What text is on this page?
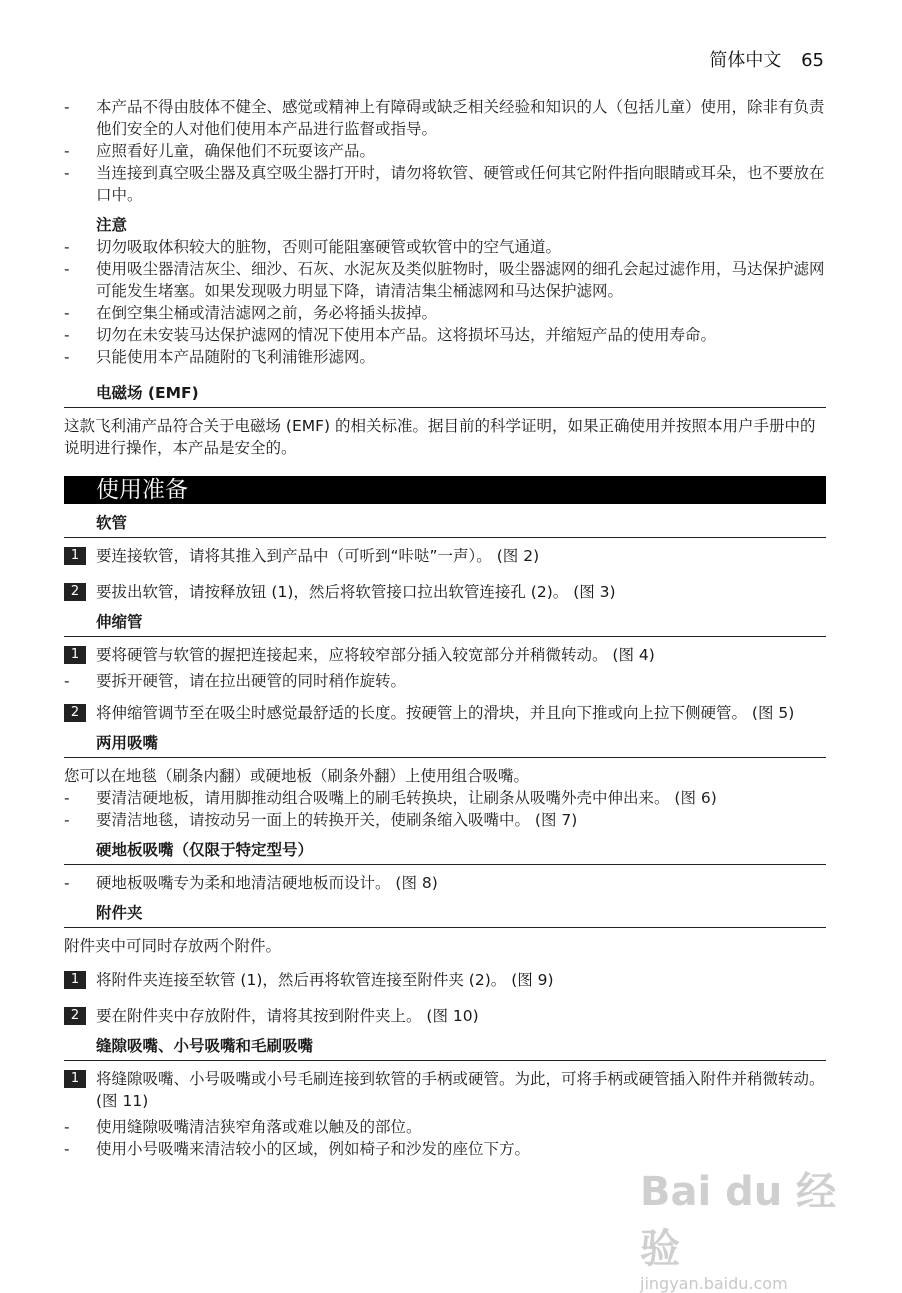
简体中文 65
- 本产品不得由肢体不健全、感觉或精神上有障碍或缺乏相关经验和知识的人（包括儿童）使用，除非有负责他们安全的人对他们使用本产品进行监督或指导。
- 应照看好儿童，确保他们不玩耍该产品。
- 当连接到真空吸尘器及真空吸尘器打开时，请勿将软管、硬管或任何其它附件指向眼睛或耳朵，也不要放在口中。
注意
- 切勿吸取体积较大的脏物，否则可能阻塞硬管或软管中的空气通道。
- 使用吸尘器清洁灰尘、细沙、石灰、水泥灰及类似脏物时，吸尘器滤网的细孔会起过滤作用，马达保护滤网可能发生堵塞。如果发现吸力明显下降，请清洁集尘桶滤网和马达保护滤网。
- 在倒空集尘桶或清洁滤网之前，务必将插头拔掉。
- 切勿在未安装马达保护滤网的情况下使用本产品。这将损坏马达，并缩短产品的使用寿命。
- 只能使用本产品随附的飞利浦锥形滤网。
电磁场 (EMF)
这款飞利浦产品符合关于电磁场 (EMF) 的相关标准。据目前的科学证明，如果正确使用并按照本用户手册中的说明进行操作，本产品是安全的。
使用准备
软管
1	要连接软管，请将其推入到产品中（可听到“咔哒”一声）。 (图 2)
2	要拔出软管，请按释放钮 (1)，然后将软管接口拉出软管连接孔 (2)。 (图 3)
伸缩管
1	要将硬管与软管的握把连接起来，应将较窄部分插入较宽部分并稍微转动。 (图 4)
- 要拆开硬管，请在拉出硬管的同时稍作旋转。
2	将伸缩管调节至在吸尘时感觉最舒适的长度。按硬管上的滑块，并且向下推或向上拉下侧硬管。 (图 5)
两用吸嘴
您可以在地毯（刷条内翻）或硬地板（刷条外翻）上使用组合吸嘴。
- 要清洁硬地板，请用脚推动组合吸嘴上的刷毛转换块，让刷条从吸嘴外壳中伸出来。 (图 6)
- 要清洁地毯，请按动另一面上的转换开关，使刷条缩入吸嘴中。 (图 7)
硬地板吸嘴（仅限于特定型号）
- 硬地板吸嘴专为柔和地清洁硬地板而设计。 (图 8)
附件夹
附件夹中可同时存放两个附件。
1	将附件夹连接至软管 (1)，然后再将软管连接至附件夹 (2)。 (图 9)
2	要在附件夹中存放附件，请将其按到附件夹上。 (图 10)
缝隙吸嘴、小号吸嘴和毛刷吸嘴
1	将缝隙吸嘴、小号吸嘴或小号毛刷连接到软管的手柄或硬管。为此，可将手柄或硬管插入附件并稍微转动。 (图 11)
- 使用缝隙吸嘴清洁狭窄角落或难以触及的部位。
- 使用小号吸嘴来清洁较小的区域，例如椅子和沙发的座位下方。
Bai du 经验
jingyan.baidu.com
